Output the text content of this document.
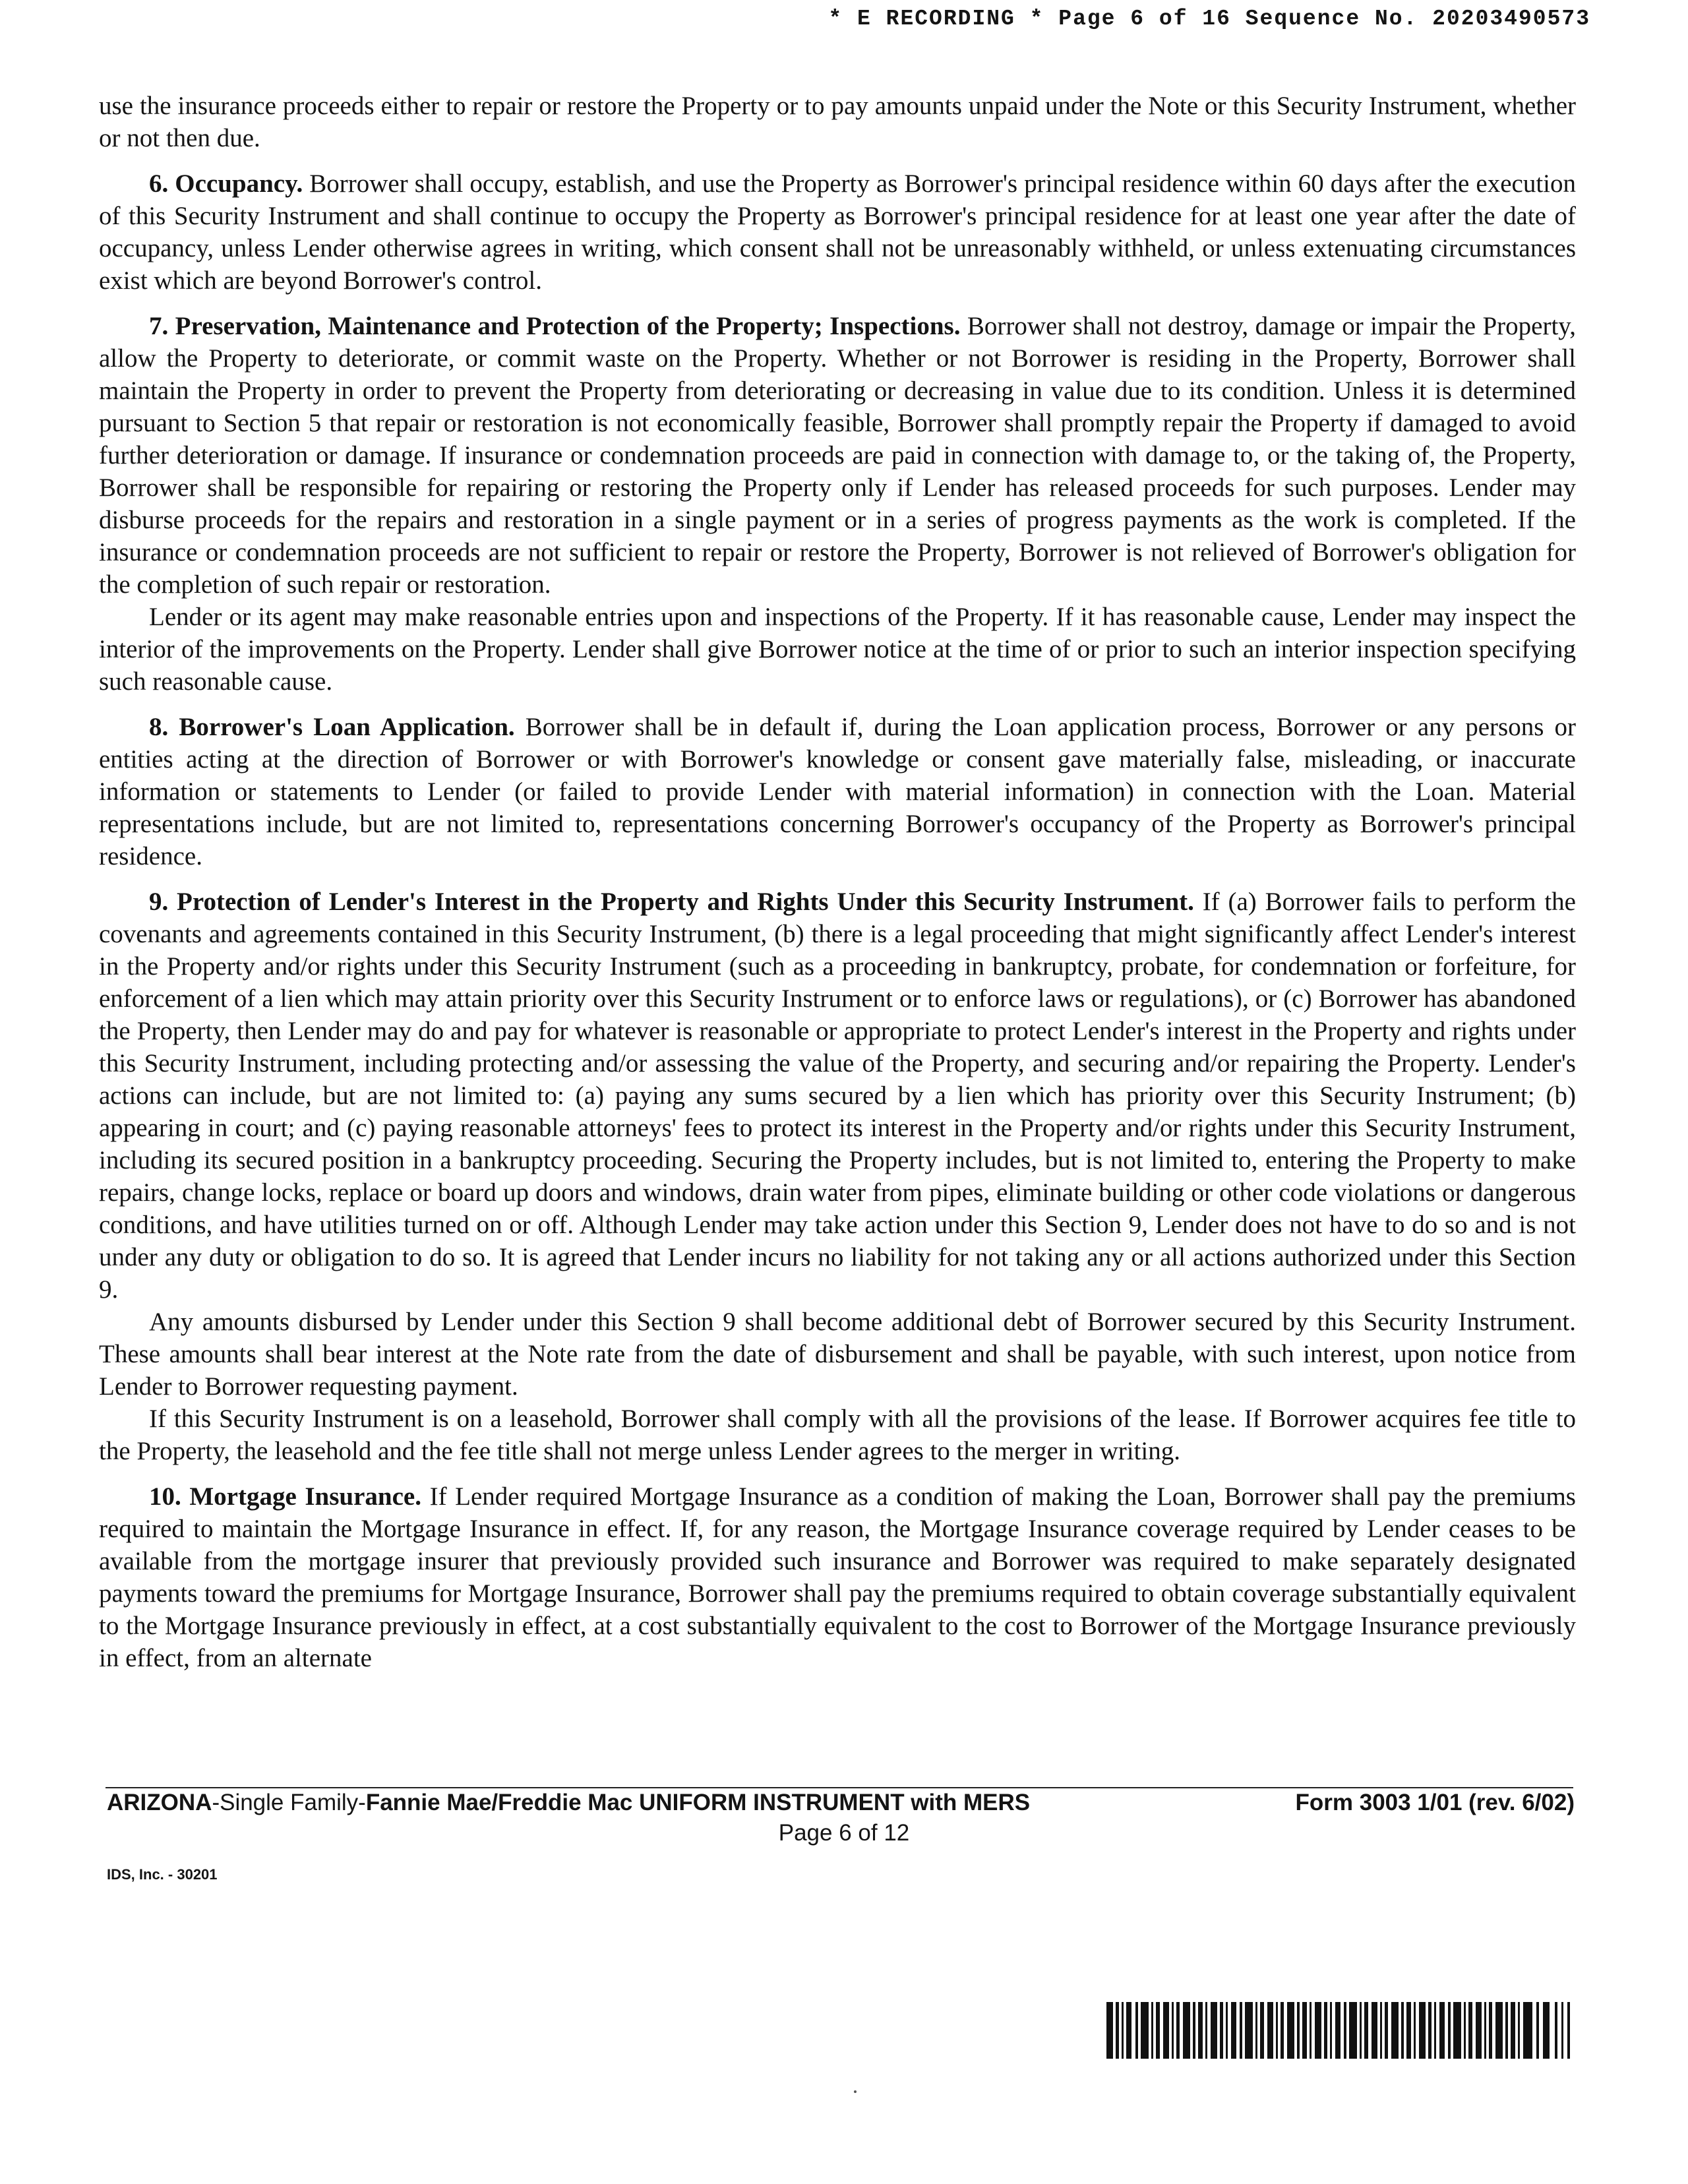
* E RECORDING * Page 6 of 16 Sequence No. 20203490573

use the insurance proceeds either to repair or restore the Property or to pay amounts unpaid under the Note or this Security Instrument, whether or not then due.

6. Occupancy. Borrower shall occupy, establish, and use the Property as Borrower's principal residence within 60 days after the execution of this Security Instrument and shall continue to occupy the Property as Borrower's principal residence for at least one year after the date of occupancy, unless Lender otherwise agrees in writing, which consent shall not be unreasonably withheld, or unless extenuating circumstances exist which are beyond Borrower's control.

7. Preservation, Maintenance and Protection of the Property; Inspections. Borrower shall not destroy, damage or impair the Property, allow the Property to deteriorate, or commit waste on the Property. Whether or not Borrower is residing in the Property, Borrower shall maintain the Property in order to prevent the Property from deteriorating or decreasing in value due to its condition. Unless it is determined pursuant to Section 5 that repair or restoration is not economically feasible, Borrower shall promptly repair the Property if damaged to avoid further deterioration or damage. If insurance or condemnation proceeds are paid in connection with damage to, or the taking of, the Property, Borrower shall be responsible for repairing or restoring the Property only if Lender has released proceeds for such purposes. Lender may disburse proceeds for the repairs and restoration in a single payment or in a series of progress payments as the work is completed. If the insurance or condemnation proceeds are not sufficient to repair or restore the Property, Borrower is not relieved of Borrower's obligation for the completion of such repair or restoration.

Lender or its agent may make reasonable entries upon and inspections of the Property. If it has reasonable cause, Lender may inspect the interior of the improvements on the Property. Lender shall give Borrower notice at the time of or prior to such an interior inspection specifying such reasonable cause.

8. Borrower's Loan Application. Borrower shall be in default if, during the Loan application process, Borrower or any persons or entities acting at the direction of Borrower or with Borrower's knowledge or consent gave materially false, misleading, or inaccurate information or statements to Lender (or failed to provide Lender with material information) in connection with the Loan. Material representations include, but are not limited to, representations concerning Borrower's occupancy of the Property as Borrower's principal residence.

9. Protection of Lender's Interest in the Property and Rights Under this Security Instrument. If (a) Borrower fails to perform the covenants and agreements contained in this Security Instrument, (b) there is a legal proceeding that might significantly affect Lender's interest in the Property and/or rights under this Security Instrument (such as a proceeding in bankruptcy, probate, for condemnation or forfeiture, for enforcement of a lien which may attain priority over this Security Instrument or to enforce laws or regulations), or (c) Borrower has abandoned the Property, then Lender may do and pay for whatever is reasonable or appropriate to protect Lender's interest in the Property and rights under this Security Instrument, including protecting and/or assessing the value of the Property, and securing and/or repairing the Property. Lender's actions can include, but are not limited to: (a) paying any sums secured by a lien which has priority over this Security Instrument; (b) appearing in court; and (c) paying reasonable attorneys' fees to protect its interest in the Property and/or rights under this Security Instrument, including its secured position in a bankruptcy proceeding. Securing the Property includes, but is not limited to, entering the Property to make repairs, change locks, replace or board up doors and windows, drain water from pipes, eliminate building or other code violations or dangerous conditions, and have utilities turned on or off. Although Lender may take action under this Section 9, Lender does not have to do so and is not under any duty or obligation to do so. It is agreed that Lender incurs no liability for not taking any or all actions authorized under this Section 9.

Any amounts disbursed by Lender under this Section 9 shall become additional debt of Borrower secured by this Security Instrument. These amounts shall bear interest at the Note rate from the date of disbursement and shall be payable, with such interest, upon notice from Lender to Borrower requesting payment.

If this Security Instrument is on a leasehold, Borrower shall comply with all the provisions of the lease. If Borrower acquires fee title to the Property, the leasehold and the fee title shall not merge unless Lender agrees to the merger in writing.

10. Mortgage Insurance. If Lender required Mortgage Insurance as a condition of making the Loan, Borrower shall pay the premiums required to maintain the Mortgage Insurance in effect. If, for any reason, the Mortgage Insurance coverage required by Lender ceases to be available from the mortgage insurer that previously provided such insurance and Borrower was required to make separately designated payments toward the premiums for Mortgage Insurance, Borrower shall pay the premiums required to obtain coverage substantially equivalent to the Mortgage Insurance previously in effect, at a cost substantially equivalent to the cost to Borrower of the Mortgage Insurance previously in effect, from an alternate

ARIZONA-Single Family-Fannie Mae/Freddie Mac UNIFORM INSTRUMENT with MERS	Form 3003 1/01 (rev. 6/02)
Page 6 of 12
IDS, Inc. - 30201
